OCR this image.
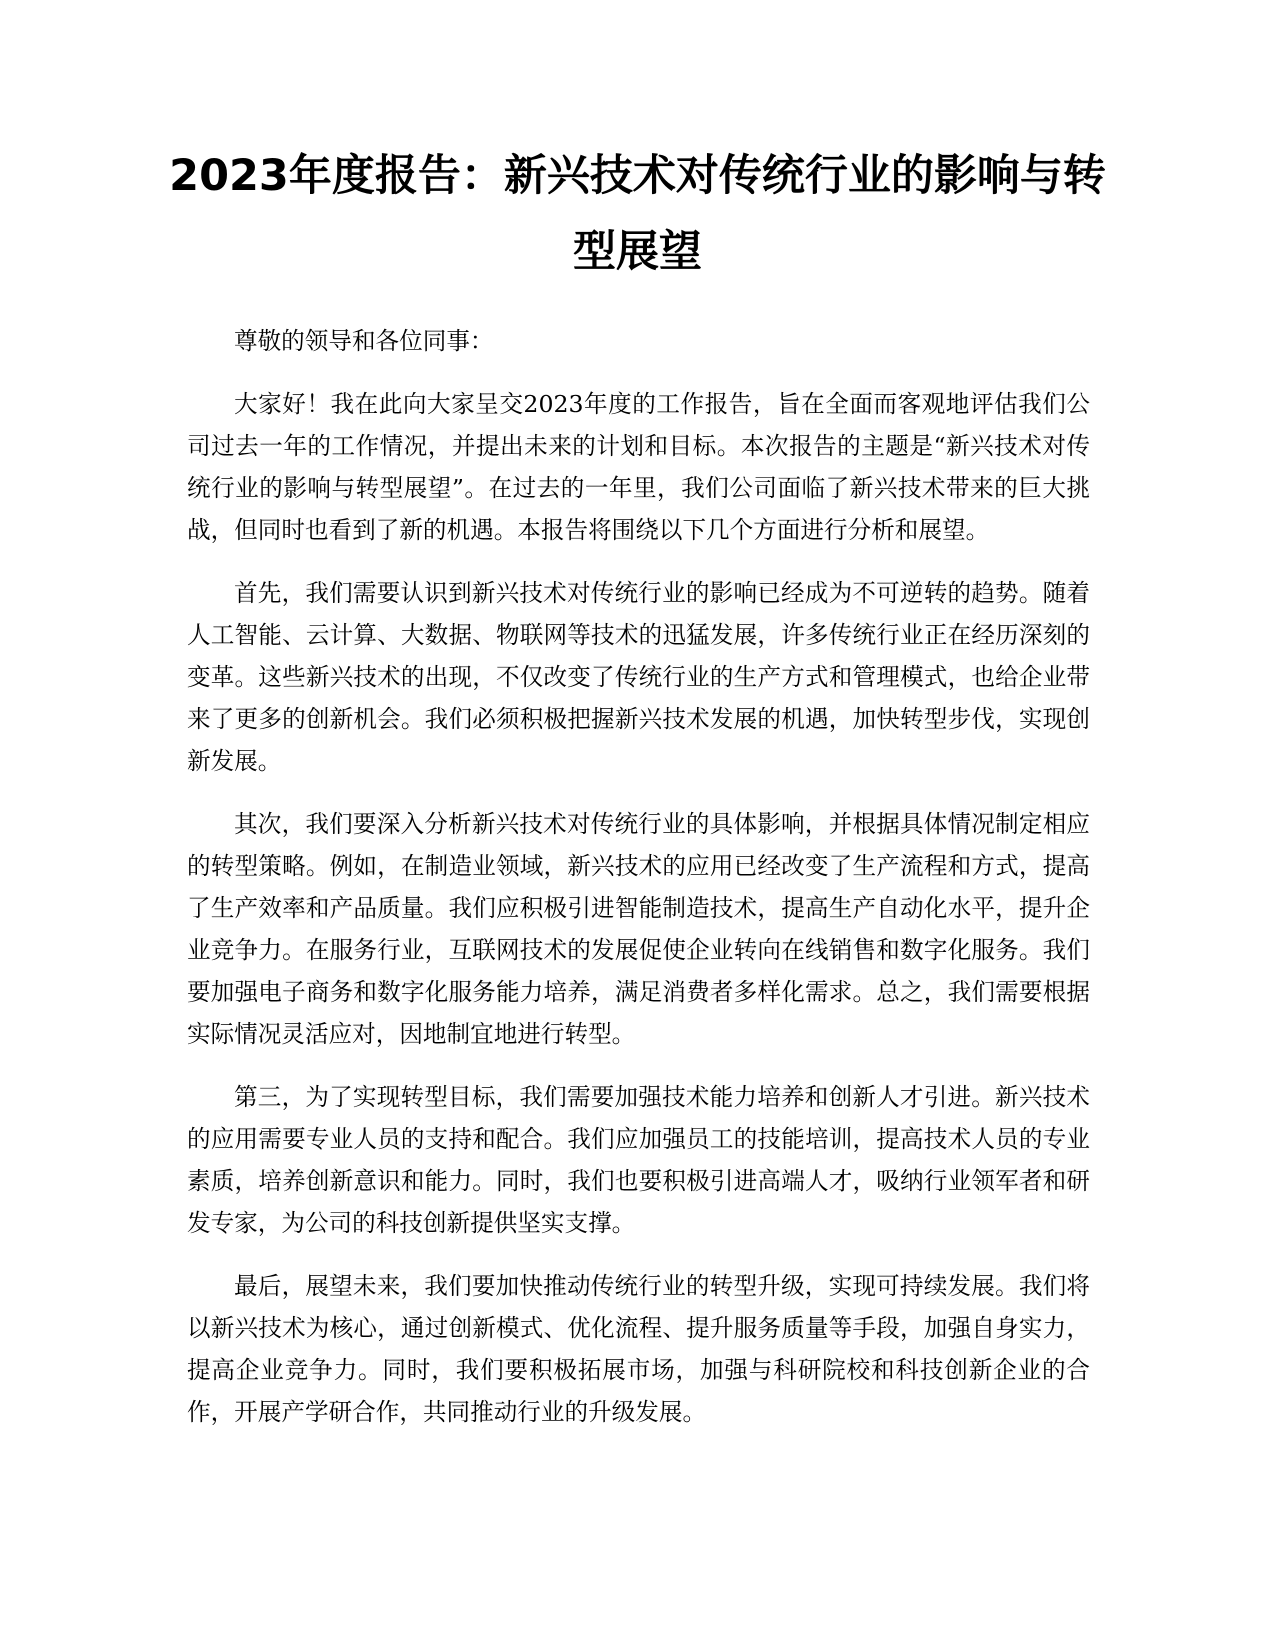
2023年度报告：新兴技术对传统行业的影响与转型展望

尊敬的领导和各位同事：

大家好！我在此向大家呈交2023年度的工作报告，旨在全面而客观地评估我们公司过去一年的工作情况，并提出未来的计划和目标。本次报告的主题是“新兴技术对传统行业的影响与转型展望”。在过去的一年里，我们公司面临了新兴技术带来的巨大挑战，但同时也看到了新的机遇。本报告将围绕以下几个方面进行分析和展望。

首先，我们需要认识到新兴技术对传统行业的影响已经成为不可逆转的趋势。随着人工智能、云计算、大数据、物联网等技术的迅猛发展，许多传统行业正在经历深刻的变革。这些新兴技术的出现，不仅改变了传统行业的生产方式和管理模式，也给企业带来了更多的创新机会。我们必须积极把握新兴技术发展的机遇，加快转型步伐，实现创新发展。

其次，我们要深入分析新兴技术对传统行业的具体影响，并根据具体情况制定相应的转型策略。例如，在制造业领域，新兴技术的应用已经改变了生产流程和方式，提高了生产效率和产品质量。我们应积极引进智能制造技术，提高生产自动化水平，提升企业竞争力。在服务行业，互联网技术的发展促使企业转向在线销售和数字化服务。我们要加强电子商务和数字化服务能力培养，满足消费者多样化需求。总之，我们需要根据实际情况灵活应对，因地制宜地进行转型。

第三，为了实现转型目标，我们需要加强技术能力培养和创新人才引进。新兴技术的应用需要专业人员的支持和配合。我们应加强员工的技能培训，提高技术人员的专业素质，培养创新意识和能力。同时，我们也要积极引进高端人才，吸纳行业领军者和研发专家，为公司的科技创新提供坚实支撑。

最后，展望未来，我们要加快推动传统行业的转型升级，实现可持续发展。我们将以新兴技术为核心，通过创新模式、优化流程、提升服务质量等手段，加强自身实力，提高企业竞争力。同时，我们要积极拓展市场，加强与科研院校和科技创新企业的合作，开展产学研合作，共同推动行业的升级发展。
